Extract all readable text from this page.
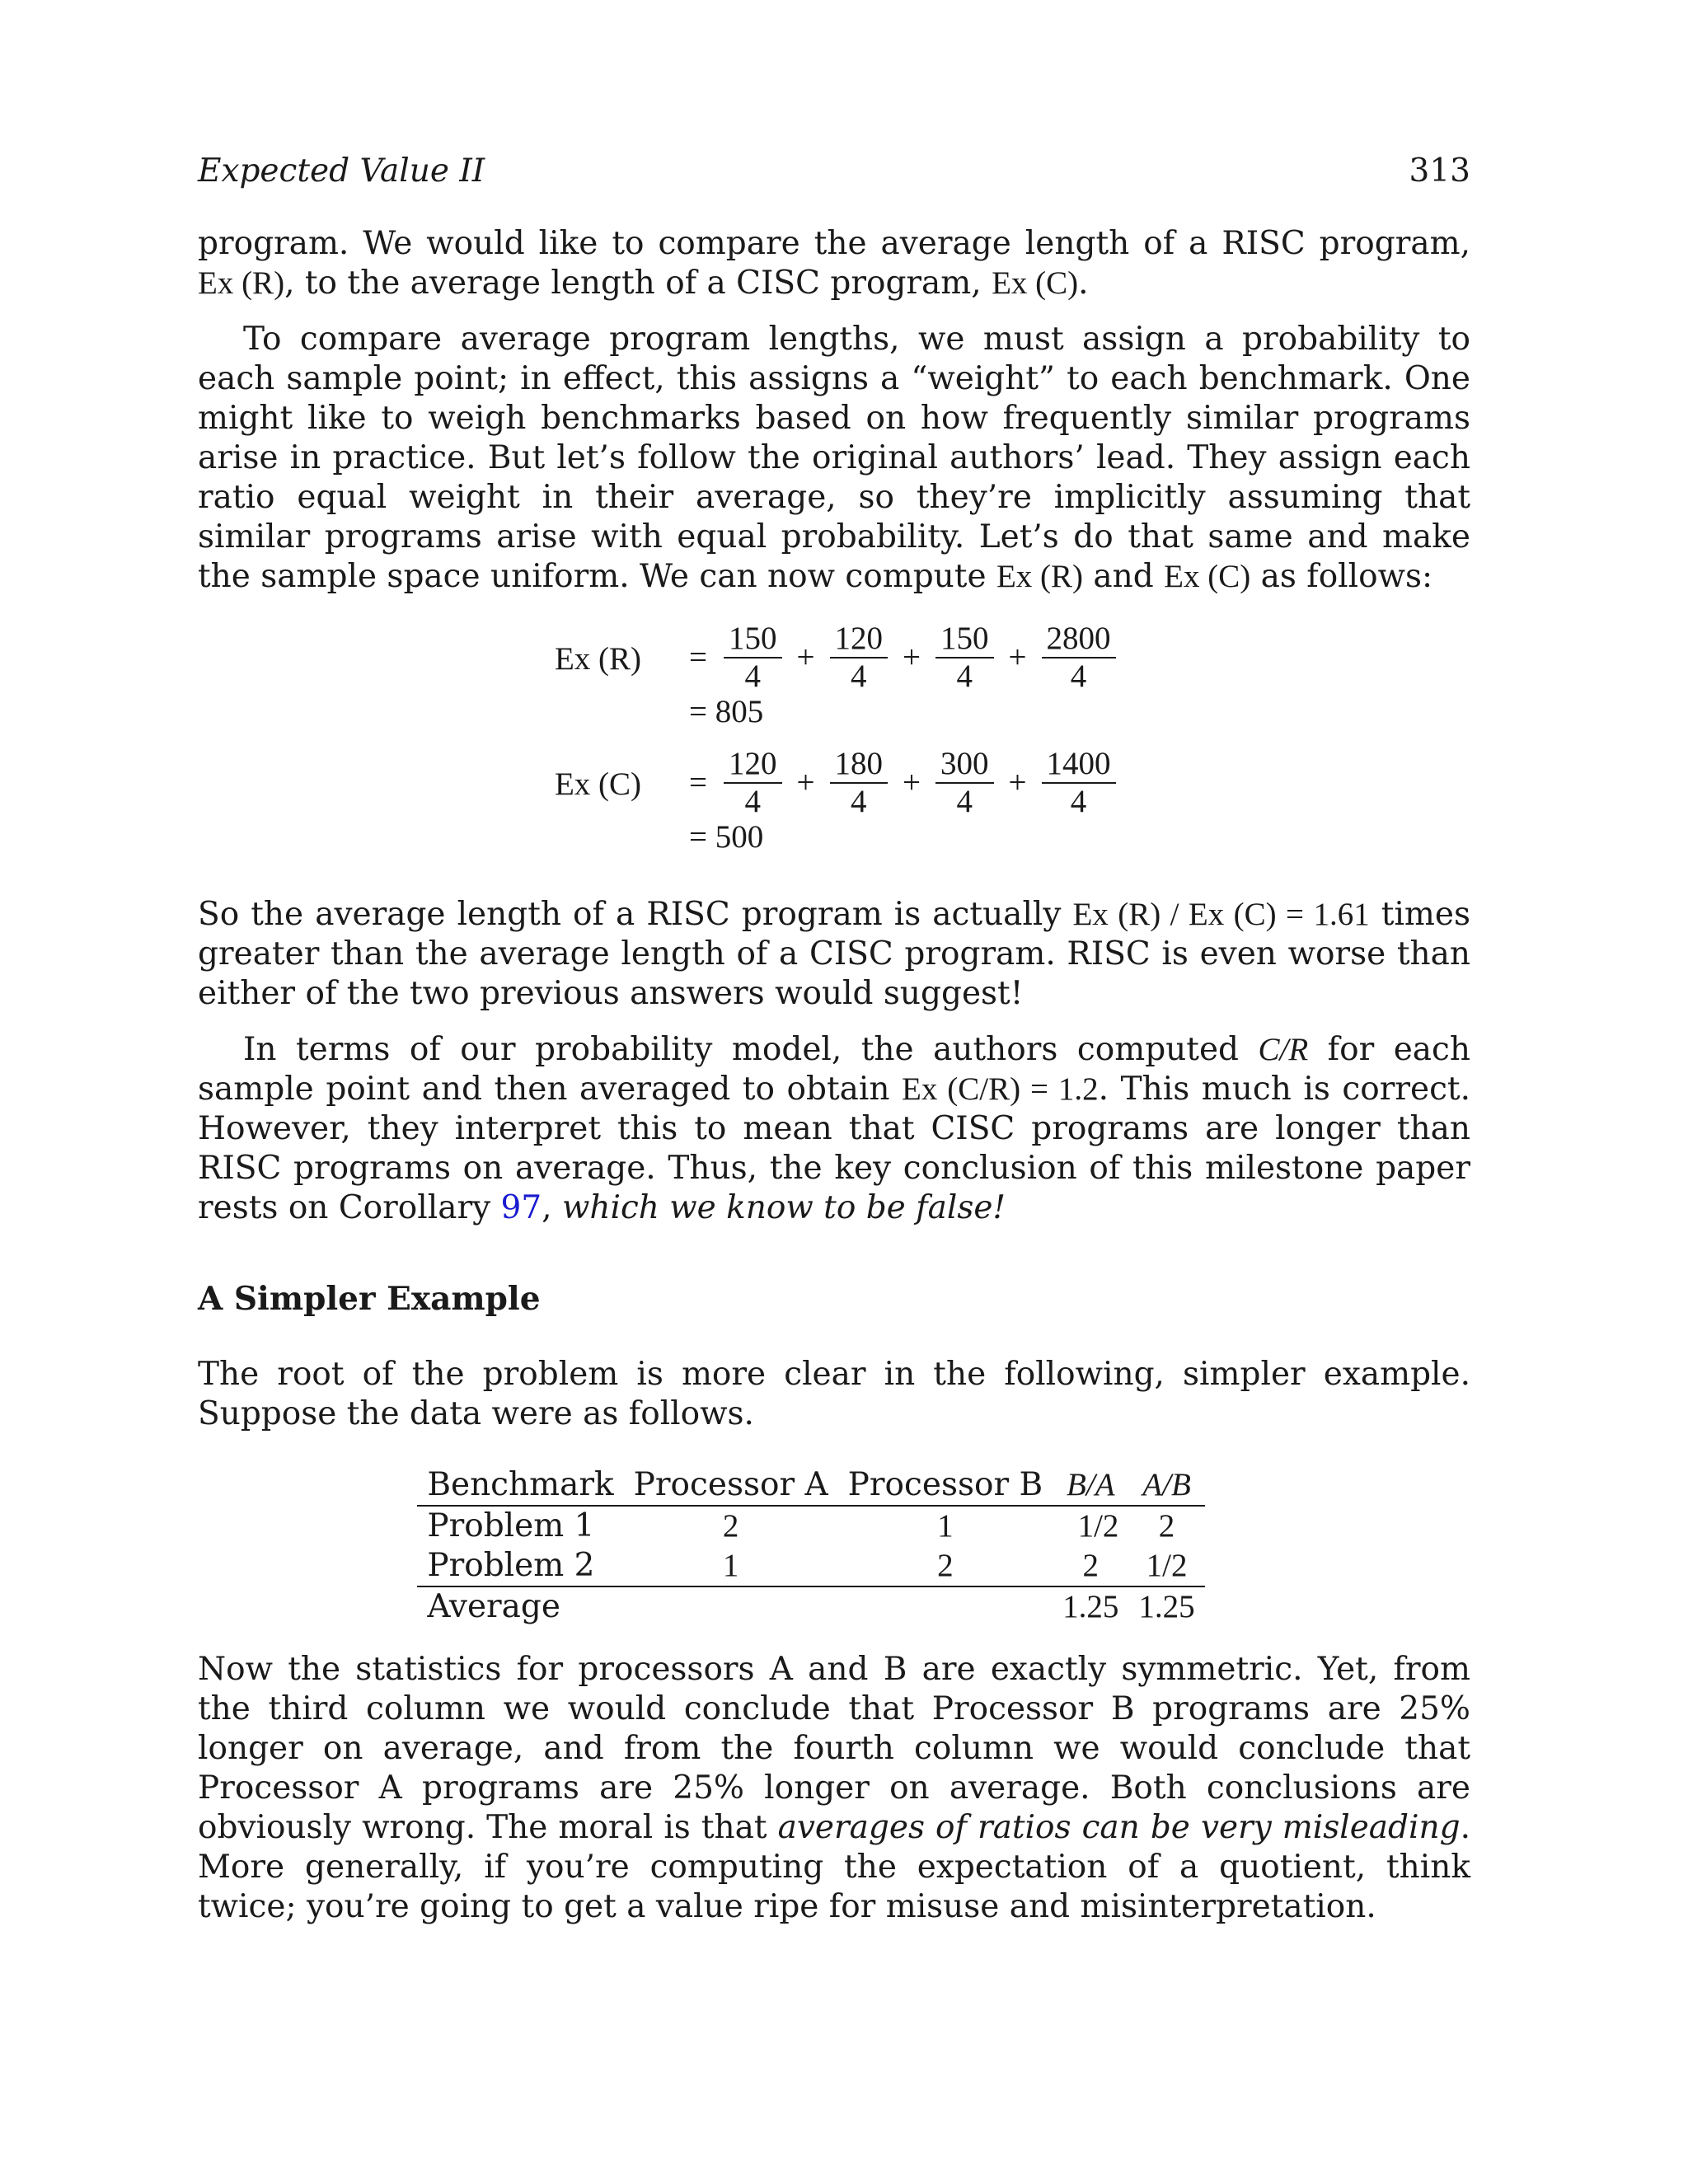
Expected Value II	313

program. We would like to compare the average length of a RISC program, Ex (R), to the average length of a CISC program, Ex (C).

To compare average program lengths, we must assign a probability to each sample point; in effect, this assigns a “weight” to each benchmark. One might like to weigh benchmarks based on how frequently similar programs arise in practice. But let’s follow the original authors’ lead. They assign each ratio equal weight in their average, so they’re implicitly assuming that similar programs arise with equal probability. Let’s do that same and make the sample space uniform. We can now compute Ex (R) and Ex (C) as follows:

Ex $(R) = \frac{150}{4} + \frac{120}{4} + \frac{150}{4} + \frac{2800}{4}$
= 805
Ex $(C) = \frac{120}{4} + \frac{180}{4} + \frac{300}{4} + \frac{1400}{4}$
= 500

So the average length of a RISC program is actually Ex (R) / Ex (C) = 1.61 times greater than the average length of a CISC program. RISC is even worse than either of the two previous answers would suggest!

In terms of our probability model, the authors computed C/R for each sample point and then averaged to obtain Ex (C/R) = 1.2. This much is correct. However, they interpret this to mean that CISC programs are longer than RISC programs on average. Thus, the key conclusion of this milestone paper rests on Corollary 97, which we know to be false!

A Simpler Example

The root of the problem is more clear in the following, simpler example. Suppose the data were as follows.

Benchmark	Processor A	Processor B	B/A	A/B
Problem 1	2	1	1/2	2
Problem 2	1	2	2	1/2
Average			1.25	1.25

Now the statistics for processors A and B are exactly symmetric. Yet, from the third column we would conclude that Processor B programs are 25% longer on average, and from the fourth column we would conclude that Processor A programs are 25% longer on average. Both conclusions are obviously wrong. The moral is that averages of ratios can be very misleading. More generally, if you’re computing the expectation of a quotient, think twice; you’re going to get a value ripe for misuse and misinterpretation.
